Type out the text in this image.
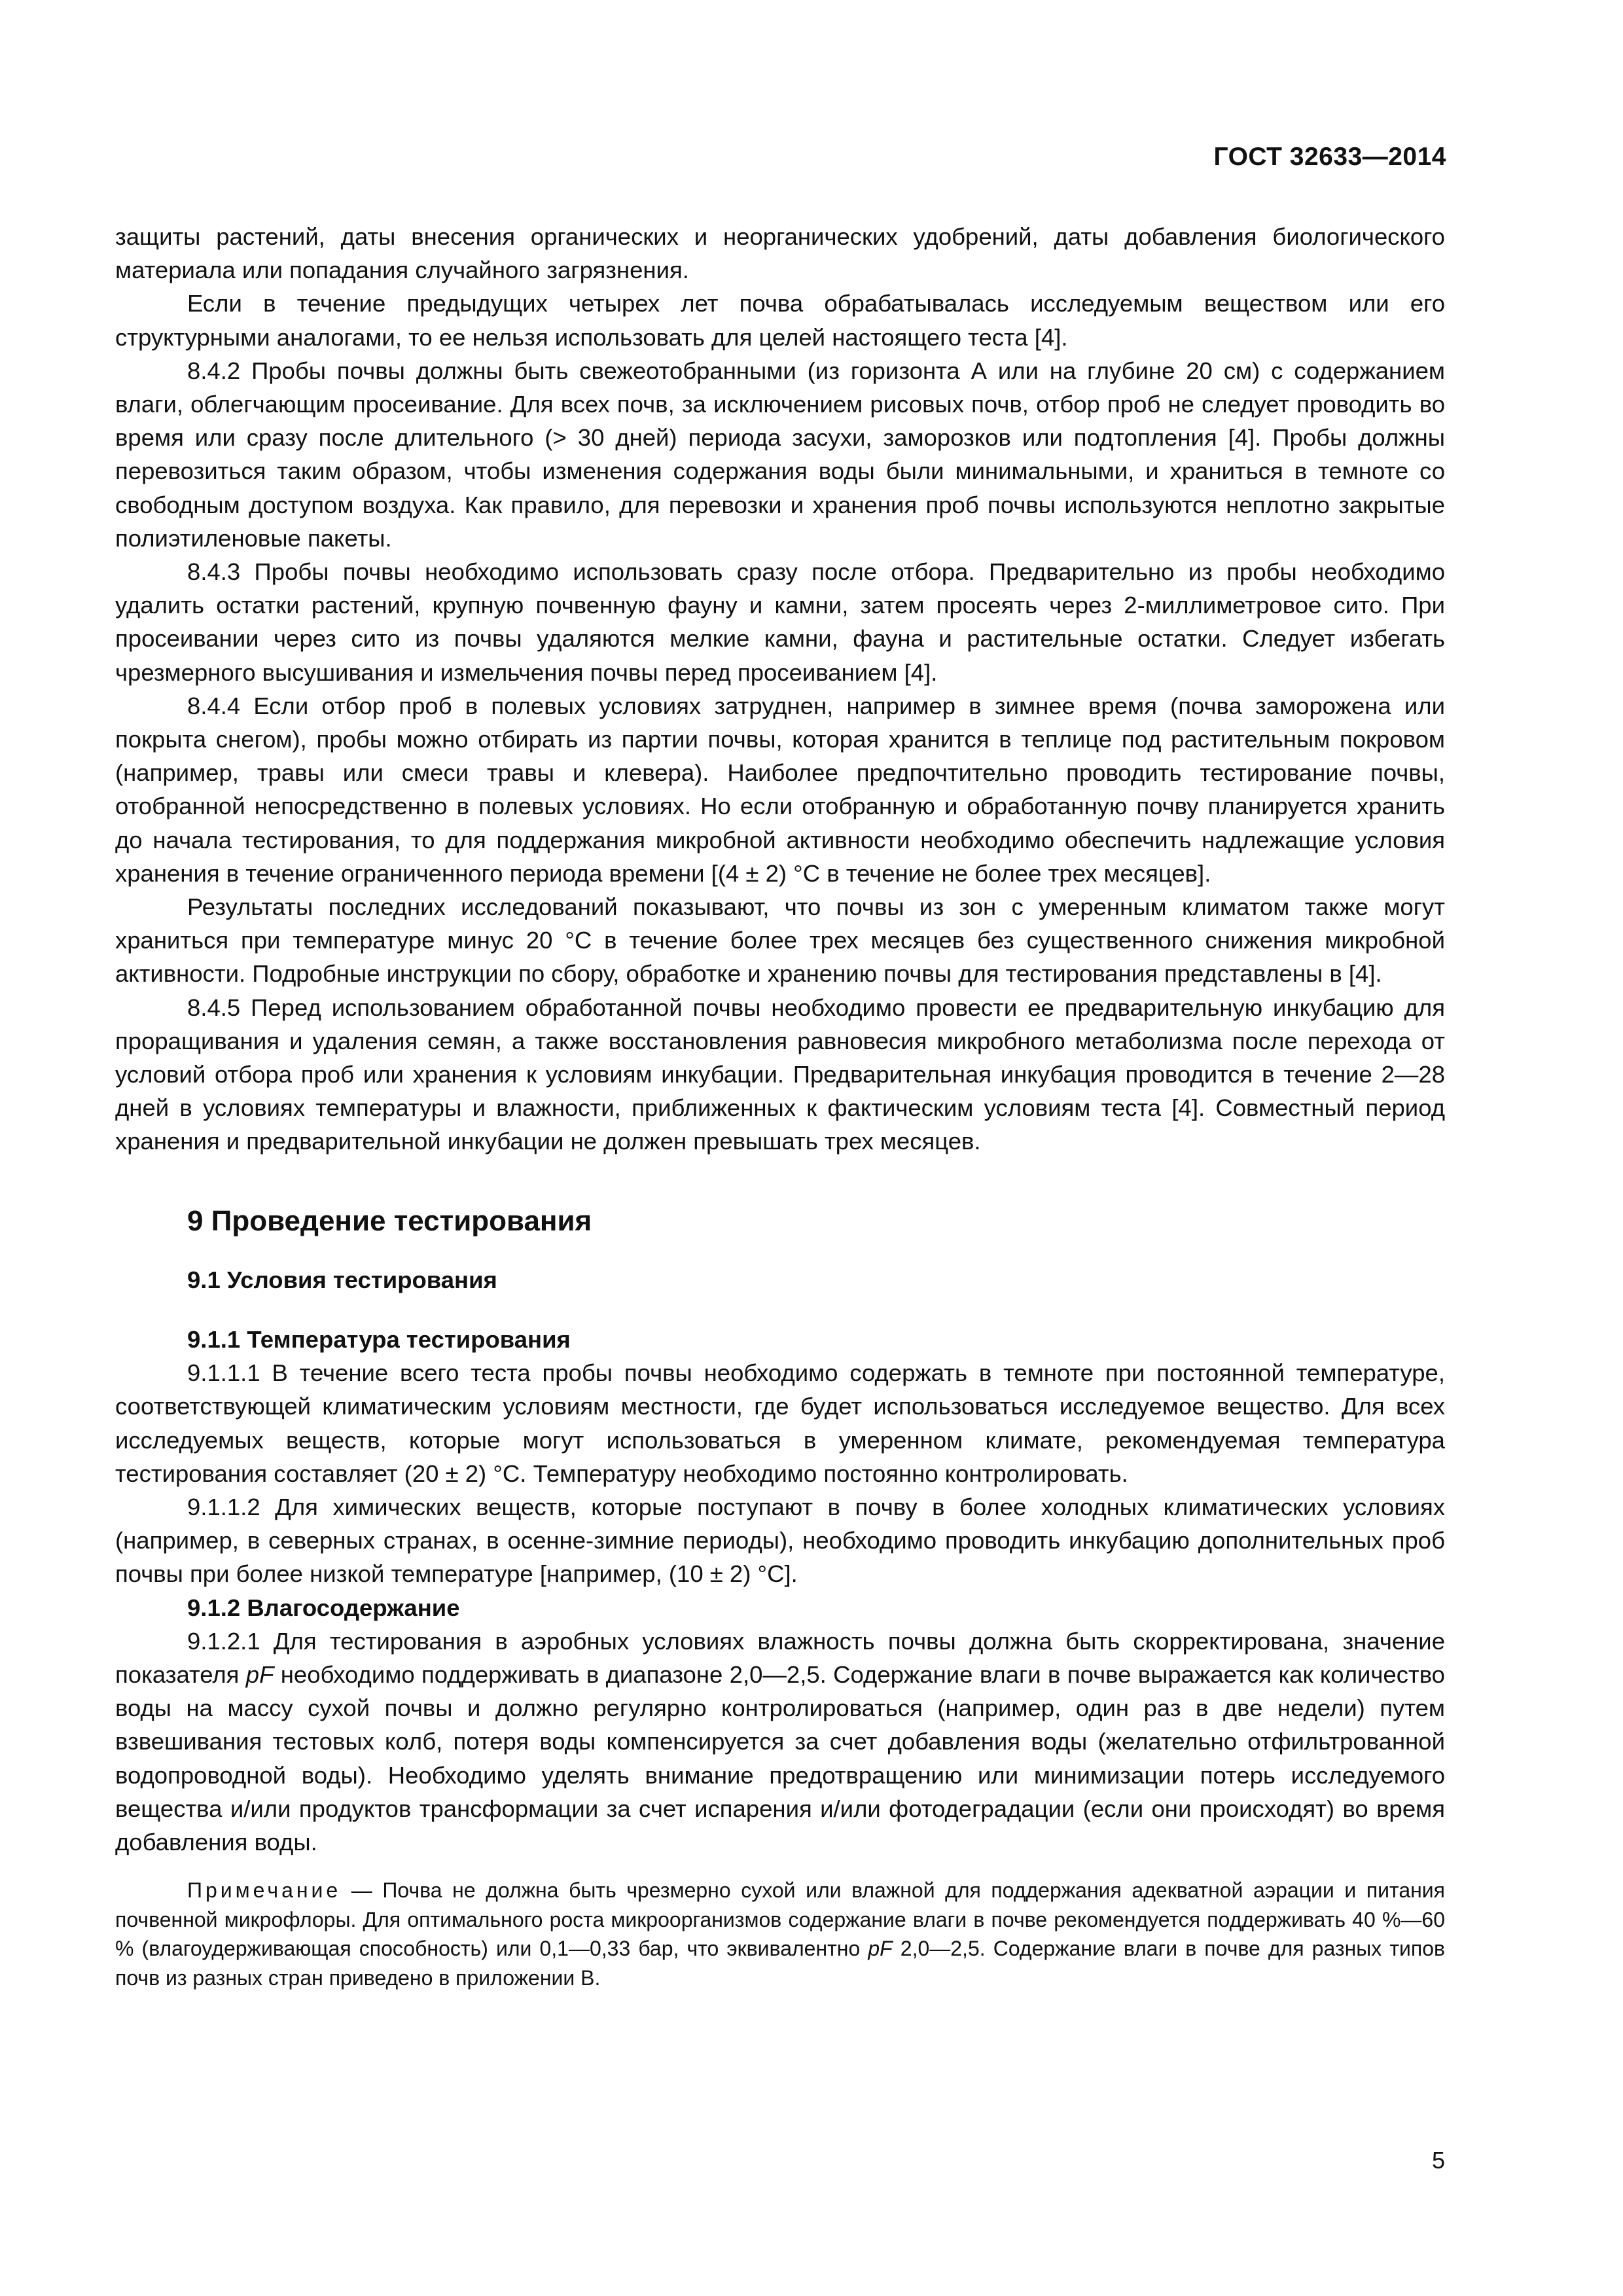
ГОСТ 32633—2014

защиты растений, даты внесения органических и неорганических удобрений, даты добавления биологического материала или попадания случайного загрязнения.

Если в течение предыдущих четырех лет почва обрабатывалась исследуемым веществом или его структурными аналогами, то ее нельзя использовать для целей настоящего теста [4].

8.4.2 Пробы почвы должны быть свежеотобранными (из горизонта А или на глубине 20 см) с содержанием влаги, облегчающим просеивание. Для всех почв, за исключением рисовых почв, отбор проб не следует проводить во время или сразу после длительного (> 30 дней) периода засухи, заморозков или подтопления [4]. Пробы должны перевозиться таким образом, чтобы изменения содержания воды были минимальными, и храниться в темноте со свободным доступом воздуха. Как правило, для перевозки и хранения проб почвы используются неплотно закрытые полиэтиленовые пакеты.

8.4.3 Пробы почвы необходимо использовать сразу после отбора. Предварительно из пробы необходимо удалить остатки растений, крупную почвенную фауну и камни, затем просеять через 2-миллиметровое сито. При просеивании через сито из почвы удаляются мелкие камни, фауна и растительные остатки. Следует избегать чрезмерного высушивания и измельчения почвы перед просеиванием [4].

8.4.4 Если отбор проб в полевых условиях затруднен, например в зимнее время (почва заморожена или покрыта снегом), пробы можно отбирать из партии почвы, которая хранится в теплице под растительным покровом (например, травы или смеси травы и клевера). Наиболее предпочтительно проводить тестирование почвы, отобранной непосредственно в полевых условиях. Но если отобранную и обработанную почву планируется хранить до начала тестирования, то для поддержания микробной активности необходимо обеспечить надлежащие условия хранения в течение ограниченного периода времени [(4 ± 2) °С в течение не более трех месяцев].

Результаты последних исследований показывают, что почвы из зон с умеренным климатом также могут храниться при температуре минус 20 °С в течение более трех месяцев без существенного снижения микробной активности. Подробные инструкции по сбору, обработке и хранению почвы для тестирования представлены в [4].

8.4.5 Перед использованием обработанной почвы необходимо провести ее предварительную инкубацию для проращивания и удаления семян, а также восстановления равновесия микробного метаболизма после перехода от условий отбора проб или хранения к условиям инкубации. Предварительная инкубация проводится в течение 2—28 дней в условиях температуры и влажности, приближенных к фактическим условиям теста [4]. Совместный период хранения и предварительной инкубации не должен превышать трех месяцев.

9 Проведение тестирования
9.1 Условия тестирования
9.1.1 Температура тестирования

9.1.1.1 В течение всего теста пробы почвы необходимо содержать в темноте при постоянной температуре, соответствующей климатическим условиям местности, где будет использоваться исследуемое вещество. Для всех исследуемых веществ, которые могут использоваться в умеренном климате, рекомендуемая температура тестирования составляет (20 ± 2) °С. Температуру необходимо постоянно контролировать.

9.1.1.2 Для химических веществ, которые поступают в почву в более холодных климатических условиях (например, в северных странах, в осенне-зимние периоды), необходимо проводить инкубацию дополнительных проб почвы при более низкой температуре [например, (10 ± 2) °С].

9.1.2 Влагосодержание

9.1.2.1 Для тестирования в аэробных условиях влажность почвы должна быть скорректирована, значение показателя pF необходимо поддерживать в диапазоне 2,0—2,5. Содержание влаги в почве выражается как количество воды на массу сухой почвы и должно регулярно контролироваться (например, один раз в две недели) путем взвешивания тестовых колб, потеря воды компенсируется за счет добавления воды (желательно отфильтрованной водопроводной воды). Необходимо уделять внимание предотвращению или минимизации потерь исследуемого вещества и/или продуктов трансформации за счет испарения и/или фотодеградации (если они происходят) во время добавления воды.

Примечание — Почва не должна быть чрезмерно сухой или влажной для поддержания адекватной аэрации и питания почвенной микрофлоры. Для оптимального роста микроорганизмов содержание влаги в почве рекомендуется поддерживать 40 %—60 % (влагоудерживающая способность) или 0,1—0,33 бар, что эквивалентно pF 2,0—2,5. Содержание влаги в почве для разных типов почв из разных стран приведено в приложении В.

5
